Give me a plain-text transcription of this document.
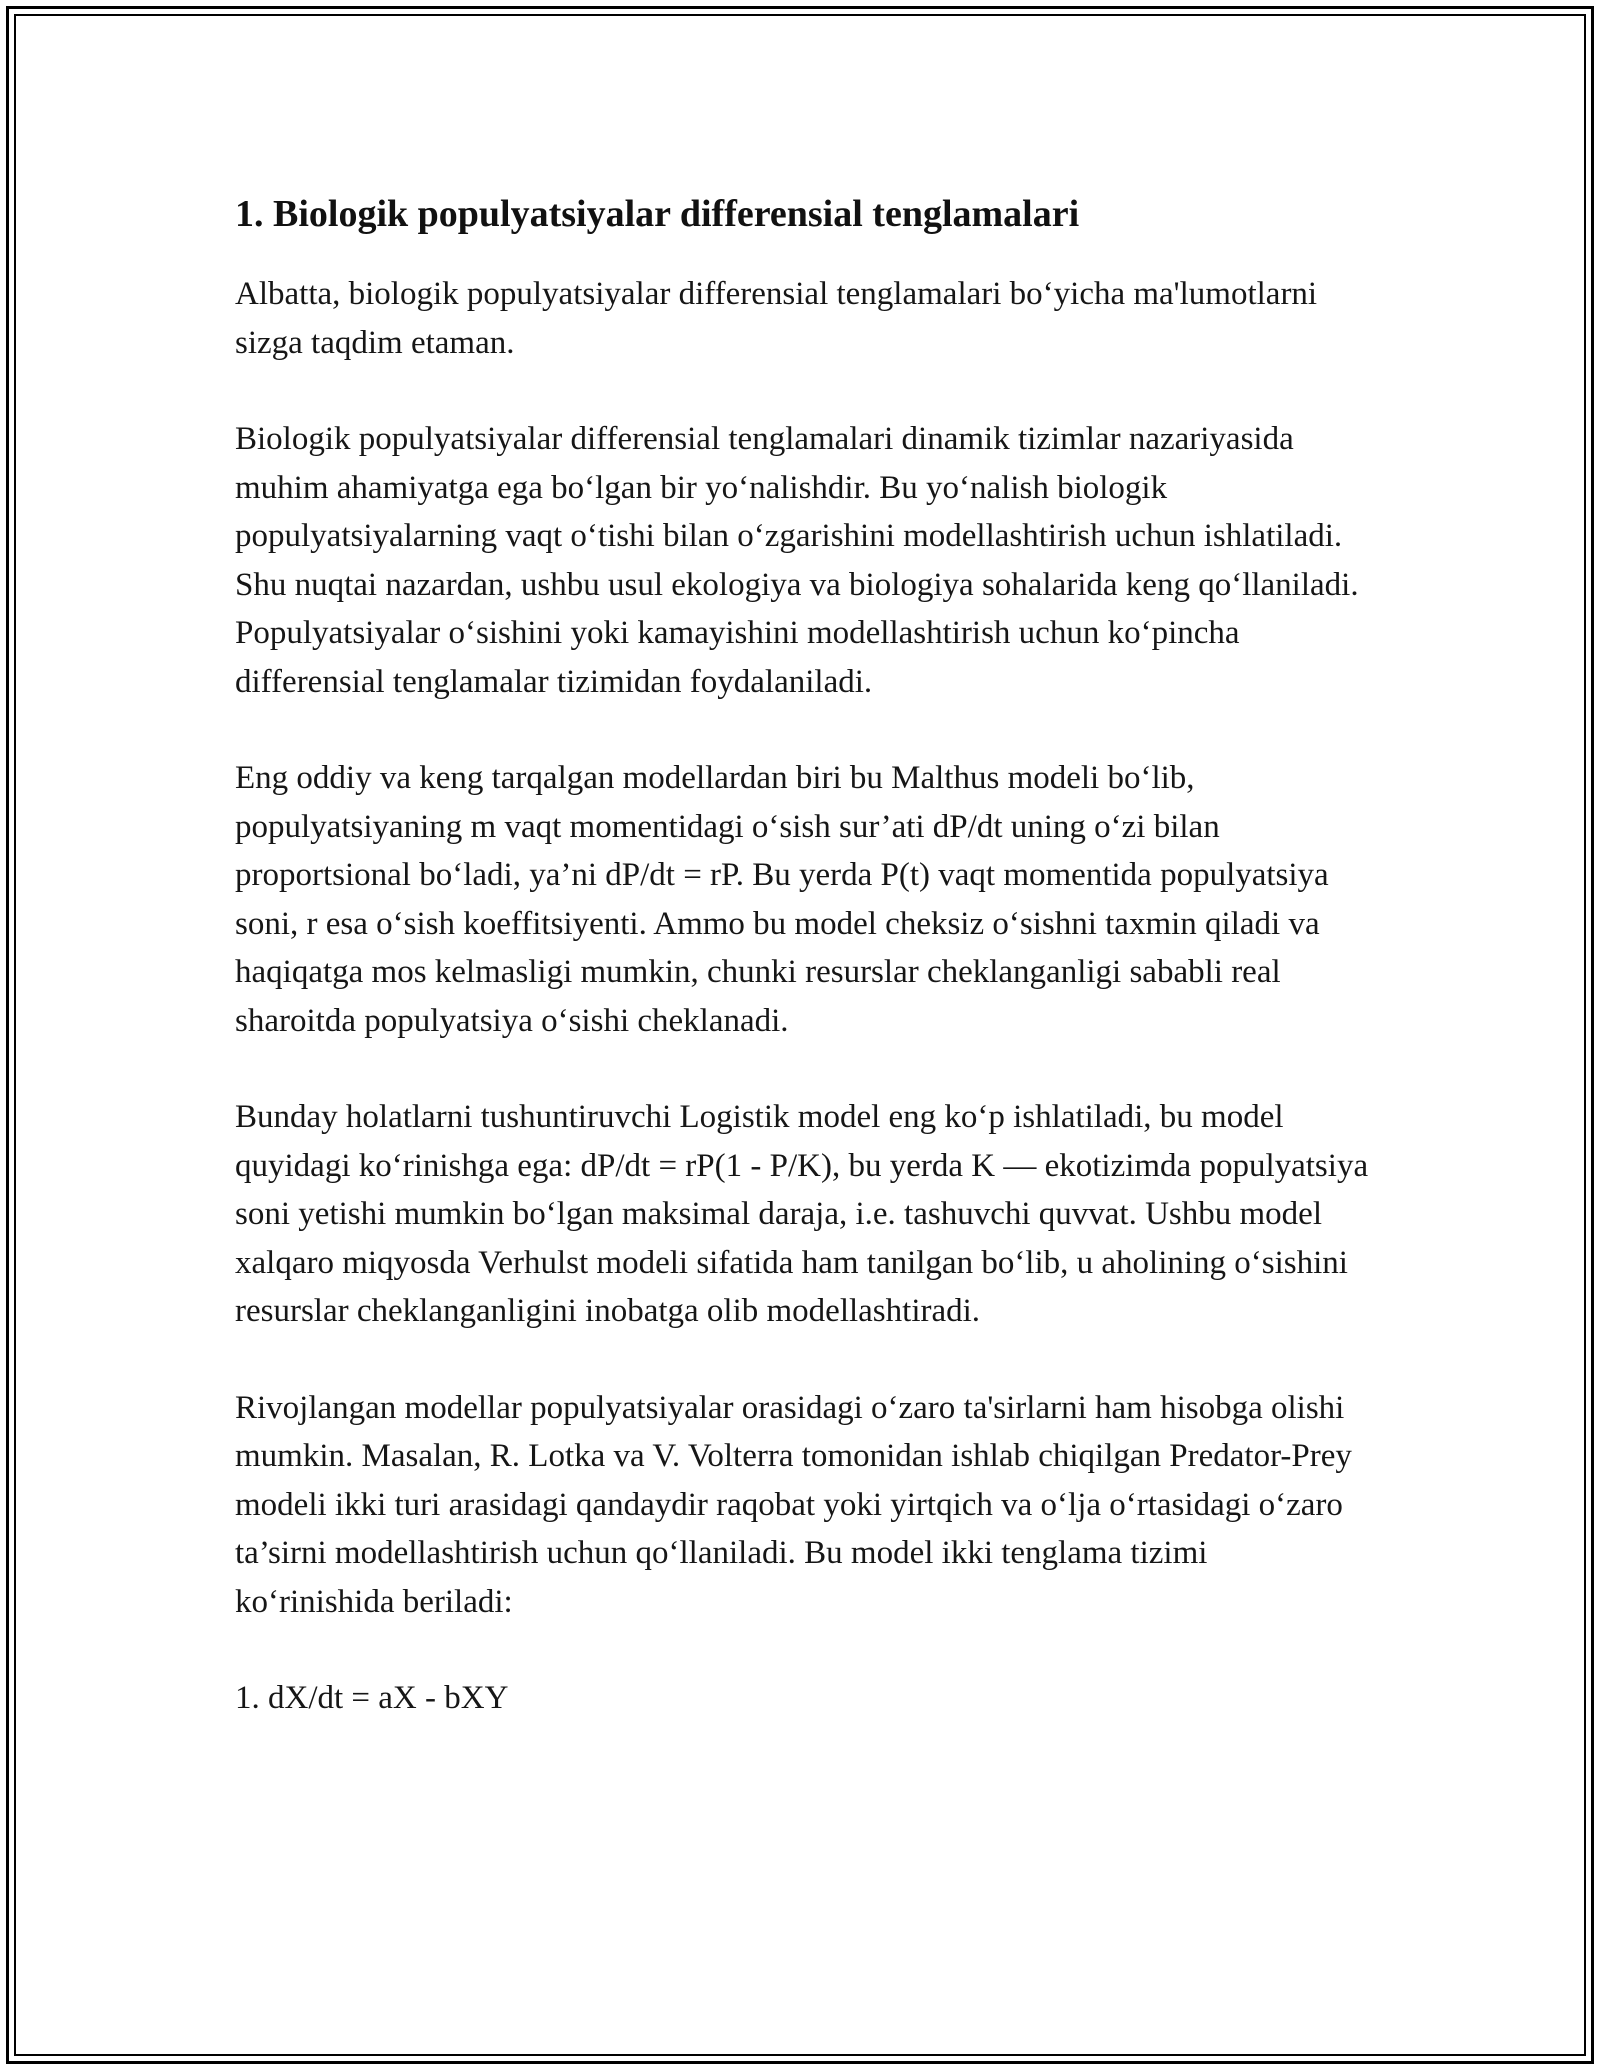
1. Biologik populyatsiyalar differensial tenglamalari

Albatta, biologik populyatsiyalar differensial tenglamalari bo‘yicha ma'lumotlarni sizga taqdim etaman.

Biologik populyatsiyalar differensial tenglamalari dinamik tizimlar nazariyasida muhim ahamiyatga ega bo‘lgan bir yo‘nalishdir. Bu yo‘nalish biologik populyatsiyalarning vaqt o‘tishi bilan o‘zgarishini modellashtirish uchun ishlatiladi. Shu nuqtai nazardan, ushbu usul ekologiya va biologiya sohalarida keng qo‘llaniladi. Populyatsiyalar o‘sishini yoki kamayishini modellashtirish uchun ko‘pincha differensial tenglamalar tizimidan foydalaniladi.

Eng oddiy va keng tarqalgan modellardan biri bu Malthus modeli bo‘lib, populyatsiyaning m vaqt momentidagi o‘sish sur’ati dP/dt uning o‘zi bilan proportsional bo‘ladi, ya’ni dP/dt = rP. Bu yerda P(t) vaqt momentida populyatsiya soni, r esa o‘sish koeffitsiyenti. Ammo bu model cheksiz o‘sishni taxmin qiladi va haqiqatga mos kelmasligi mumkin, chunki resurslar cheklanganligi sababli real sharoitda populyatsiya o‘sishi cheklanadi.

Bunday holatlarni tushuntiruvchi Logistik model eng ko‘p ishlatiladi, bu model quyidagi ko‘rinishga ega: dP/dt = rP(1 - P/K), bu yerda K — ekotizimda populyatsiya soni yetishi mumkin bo‘lgan maksimal daraja, i.e. tashuvchi quvvat. Ushbu model xalqaro miqyosda Verhulst modeli sifatida ham tanilgan bo‘lib, u aholining o‘sishini resurslar cheklanganligini inobatga olib modellashtiradi.

Rivojlangan modellar populyatsiyalar orasidagi o‘zaro ta'sirlarni ham hisobga olishi mumkin. Masalan, R. Lotka va V. Volterra tomonidan ishlab chiqilgan Predator-Prey modeli ikki turi arasidagi qandaydir raqobat yoki yirtqich va o‘lja o‘rtasidagi o‘zaro ta’sirni modellashtirish uchun qo‘llaniladi. Bu model ikki tenglama tizimi ko‘rinishida beriladi:

1. dX/dt = aX - bXY
